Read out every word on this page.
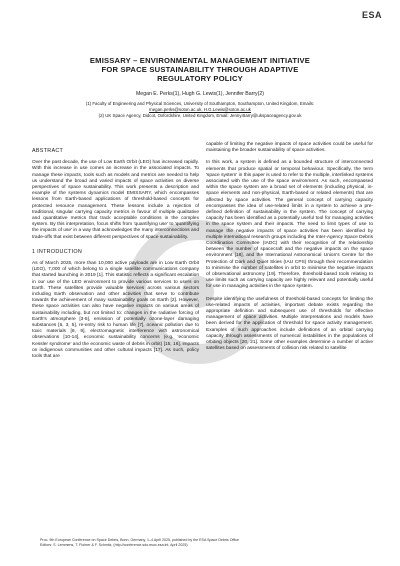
ESA
EMISSARY – ENVIRONMENTAL MANAGEMENT INITIATIVE
FOR SPACE SUSTAINABILITY THROUGH ADAPTIVE
REGULATORY POLICY
Megan E. Perks(1), Hugh G. Lewis(1), Jennifer Barry(2)
(1) Faculty of Engineering and Physical Sciences, University of Southampton, Southampton, United Kingdom, Emails:
megan.perks@soton.ac.uk, H.G.Lewis@soton.ac.uk
(2) UK Space Agency, Didcot, Oxfordshire, United Kingdom, Email: Jenny.Barry@ukspaceagency.gov.uk
ABSTRACT

Over the past decade, the use of Low Earth Orbit (LEO) has increased rapidly. With this increase in use comes an increase in the associated impacts. To manage these impacts, tools such as models and metrics are needed to help us understand the broad and varied impacts of space activities on diverse perspectives of space sustainability. This work presents a description and example of the systems dynamics model EMISSARY, which encompasses lessons from Earth-based applications of threshold-based concepts for protected resource management. These lessons include a rejection of traditional, singular carrying capacity metrics in favour of multiple qualitative and quantitative metrics that track acceptable conditions in the complex system. By this interpretation, focus shifts from 'quantifying use' to 'quantifying the impacts of use' in a way that acknowledges the many interconnections and trade-offs that exist between different perspectives of space sustainability.

1 INTRODUCTION

As of March 2025, more than 10,000 active payloads are in Low Earth Orbit (LEO), 7,000 of which belong to a single satellite communications company that started launching in 2019 [1]. This statistic reflects a significant escalation in our use of the LEO environment to provide various services to users on Earth. These satellites provide valuable services across various sectors including Earth observation and other activities that serve to contribute towards the achievement of many sustainability goals on Earth [2]. However, these space activities can also have negative impacts on various areas of sustainability including, but not limited to: changes in the radiative forcing of Earth's atmosphere [3-5], emission of potentially ozone-layer damaging substances [6, 3, 5], re-entry risk to human life [7], oceanic pollution due to toxic materials [8, 9], electromagnetic interference with astronomical observations [10-14], economic sustainability concerns (e.g. 'economic Kessler syndrome' and the economic waste of debris in orbit) [15, 16], impacts on indigenous communities and other cultural impacts [17]. As such, policy tools that are

capable of limiting the negative impacts of space activities could be useful for maintaining the broader sustainability of space activities.

In this work, a system is defined as a bounded structure of interconnected elements that produce spatial or temporal behaviour. Specifically, the term 'space system' in this paper is used to refer to the multiple, interlinked systems associated with the use of the space environment. As such, encompassed within the space system are a broad set of elements (including physical, in-space elements and non-physical, Earth-based or related elements) that are affected by space activities. The general concept of carrying capacity encompasses the idea of use-related limits in a system to achieve a pre-defined definition of sustainability in the system. The concept of carrying capacity has been identified as a potentially useful tool for managing activities in the space system and their impacts. The need to limit types of use to manage the negative impacts of space activities has been identified by multiple international research groups including the Inter-Agency Space Debris Coordination Committee (IADC) with their recognition of the relationship between the number of spacecraft and the negative impacts on the space environment [18], and the International Astronomical Union's Centre for the Protection of Dark and Quiet Skies (IAU CPS) through their recommendation to minimise the number of satellites in orbit to minimise the negative impacts of observational astronomy [19]. Therefore, threshold-based tools relating to use limits such as carrying capacity are highly relevant and potentially useful for use in managing activities in the space system.

Despite identifying the usefulness of threshold-based concepts for limiting the use-related impacts of activities, important debate exists regarding the appropriate definition and subsequent use of thresholds for effective management of space activities. Multiple interpretations and models have been derived for the application of threshold for space activity management. Examples of such approaches include definitions of an orbital carrying capacity through assessments of numerical instabilities in the populations of orbiting objects [20, 21]. Some other examples determine a number of active satellites based on assessments of collision risk related to satellite

Proc. 9th European Conference on Space Debris, Bonn, Germany, 1–4 April 2025, published by the ESA Space Debris Office
Editors: S. Lemmens, T. Flohrer & F. Schmitz, (http://conference.sdo.esoc.esa.int, April 2025)
